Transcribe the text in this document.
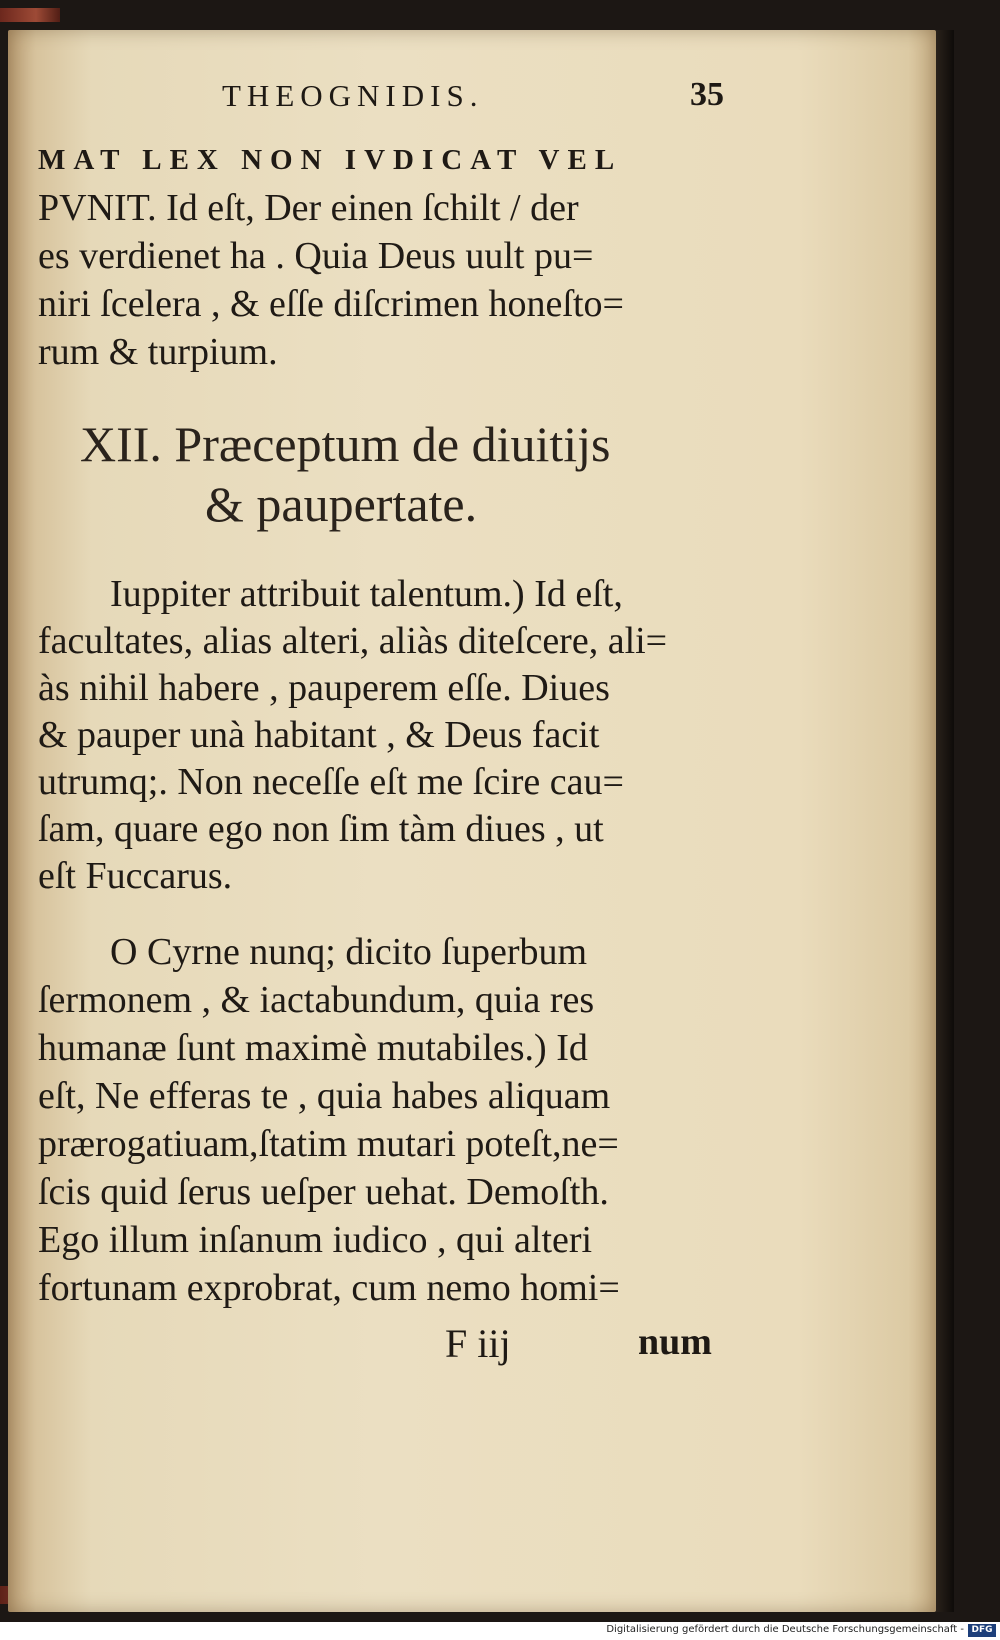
THEOGNIDIS.	35
MAT LEX NON IVDICAT VEL
PVNIT. Id eſt, Der einen ſchilt / der
es verdienet ha . Quia Deus uult pu=
niri ſcelera , & eſſe diſcrimen honeſto=
rum & turpium.
XII. Præceptum de diuitijs
& paupertate.
Iuppiter attribuit talentum.) Id eſt,
facultates, alias alteri, aliàs diteſcere, ali=
às nihil habere , pauperem eſſe. Diues
& pauper unà habitant , & Deus facit
utrumq;. Non neceſſe eſt me ſcire cau=
ſam, quare ego non ſim tàm diues , ut
eſt Fuccarus.
O Cyrne nunq; dicito ſuperbum
ſermonem , & iactabundum, quia res
humanæ ſunt maximè mutabiles.) Id
eſt, Ne efferas te , quia habes aliquam
prærogatiuam,ſtatim mutari poteſt,ne=
ſcis quid ſerus ueſper uehat. Demoſth.
Ego illum inſanum iudico , qui alteri
fortunam exprobrat, cum nemo homi=
F iij	num
Digitalisierung gefördert durch die Deutsche Forschungsgemeinschaft - DFG
